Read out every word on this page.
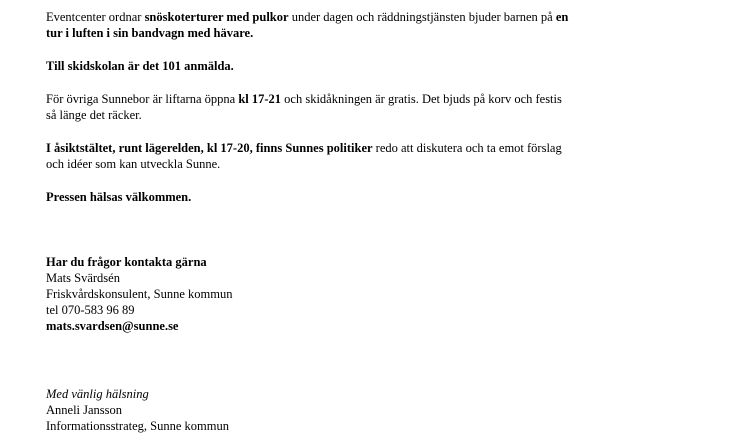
Eventcenter ordnar snöskoterturer med pulkor under dagen och räddningstjänsten bjuder barnen på en
tur i luften i sin bandvagn med hävare.

Till skidskolan är det 101 anmälda.

För övriga Sunnebor är liftarna öppna kl 17-21 och skidåkningen är gratis. Det bjuds på korv och festis
så länge det räcker.

I åsiktstältet, runt lägerelden, kl 17-20, finns Sunnes politiker redo att diskutera och ta emot förslag
och idéer som kan utveckla Sunne.

Pressen hälsas välkommen.

Har du frågor kontakta gärna
Mats Svärdsén
Friskvårdskonsulent, Sunne kommun
tel 070-583 96 89
mats.svardsen@sunne.se
Med vänlig hälsning
Anneli Jansson
Informationsstrateg, Sunne kommun
